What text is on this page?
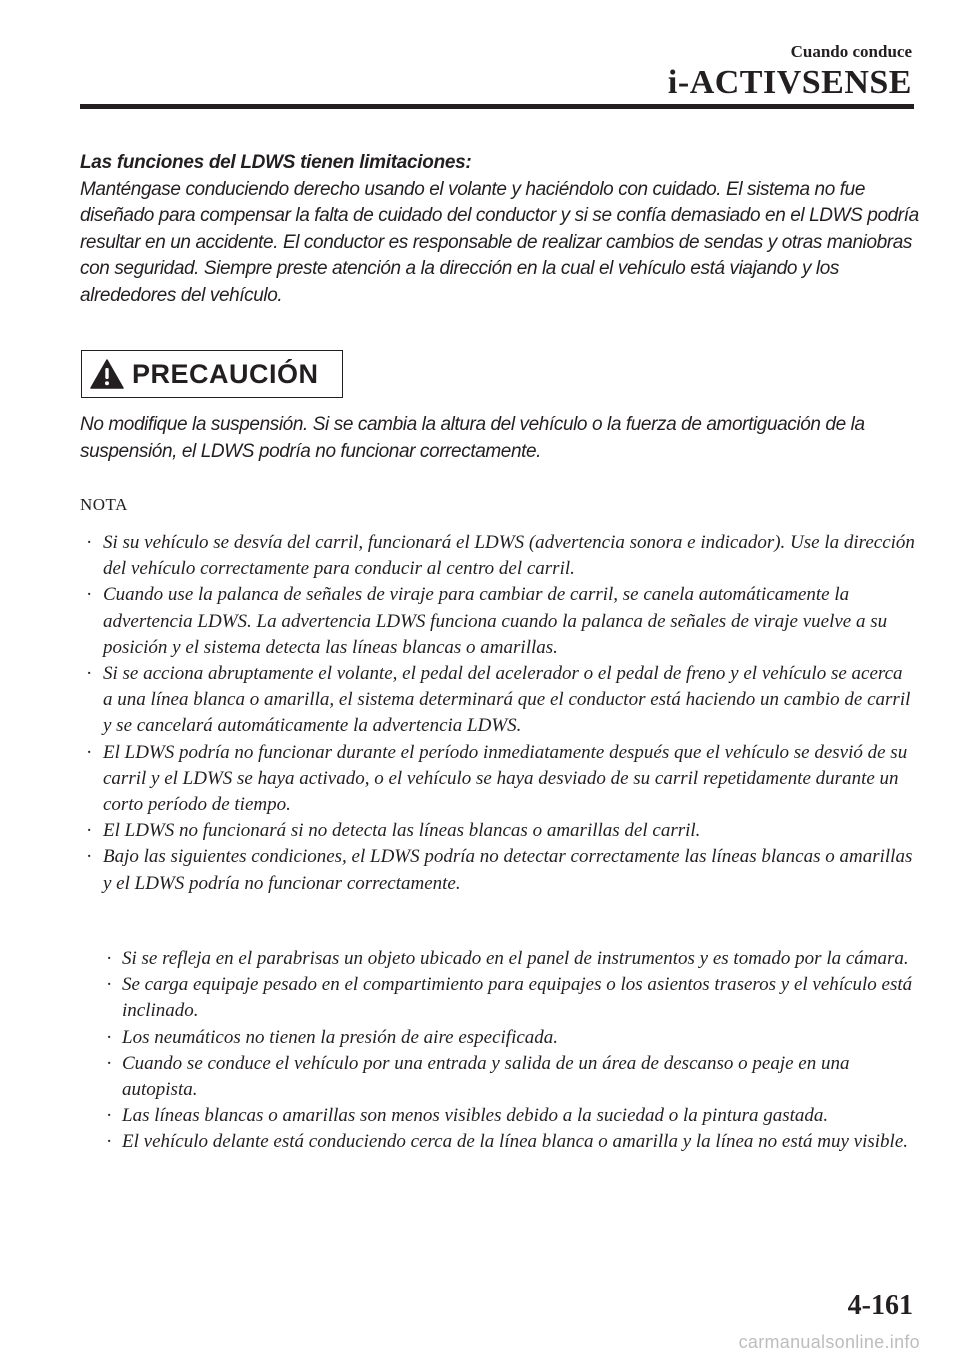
Cuando conduce
i-ACTIVSENSE
Las funciones del LDWS tienen limitaciones:
Manténgase conduciendo derecho usando el volante y haciéndolo con cuidado. El sistema no fue diseñado para compensar la falta de cuidado del conductor y si se confía demasiado en el LDWS podría resultar en un accidente. El conductor es responsable de realizar cambios de sendas y otras maniobras con seguridad. Siempre preste atención a la dirección en la cual el vehículo está viajando y los alrededores del vehículo.
PRECAUCIÓN
No modifique la suspensión. Si se cambia la altura del vehículo o la fuerza de amortiguación de la suspensión, el LDWS podría no funcionar correctamente.
NOTA
· Si su vehículo se desvía del carril, funcionará el LDWS (advertencia sonora e indicador). Use la dirección del vehículo correctamente para conducir al centro del carril.
· Cuando use la palanca de señales de viraje para cambiar de carril, se canela automáticamente la advertencia LDWS. La advertencia LDWS funciona cuando la palanca de señales de viraje vuelve a su posición y el sistema detecta las líneas blancas o amarillas.
· Si se acciona abruptamente el volante, el pedal del acelerador o el pedal de freno y el vehículo se acerca a una línea blanca o amarilla, el sistema determinará que el conductor está haciendo un cambio de carril y se cancelará automáticamente la advertencia LDWS.
· El LDWS podría no funcionar durante el período inmediatamente después que el vehículo se desvió de su carril y el LDWS se haya activado, o el vehículo se haya desviado de su carril repetidamente durante un corto período de tiempo.
· El LDWS no funcionará si no detecta las líneas blancas o amarillas del carril.
· Bajo las siguientes condiciones, el LDWS podría no detectar correctamente las líneas blancas o amarillas y el LDWS podría no funcionar correctamente.
· Si se refleja en el parabrisas un objeto ubicado en el panel de instrumentos y es tomado por la cámara.
· Se carga equipaje pesado en el compartimiento para equipajes o los asientos traseros y el vehículo está inclinado.
· Los neumáticos no tienen la presión de aire especificada.
· Cuando se conduce el vehículo por una entrada y salida de un área de descanso o peaje en una autopista.
· Las líneas blancas o amarillas son menos visibles debido a la suciedad o la pintura gastada.
· El vehículo delante está conduciendo cerca de la línea blanca o amarilla y la línea no está muy visible.
4-161
carmanualsonline.info
